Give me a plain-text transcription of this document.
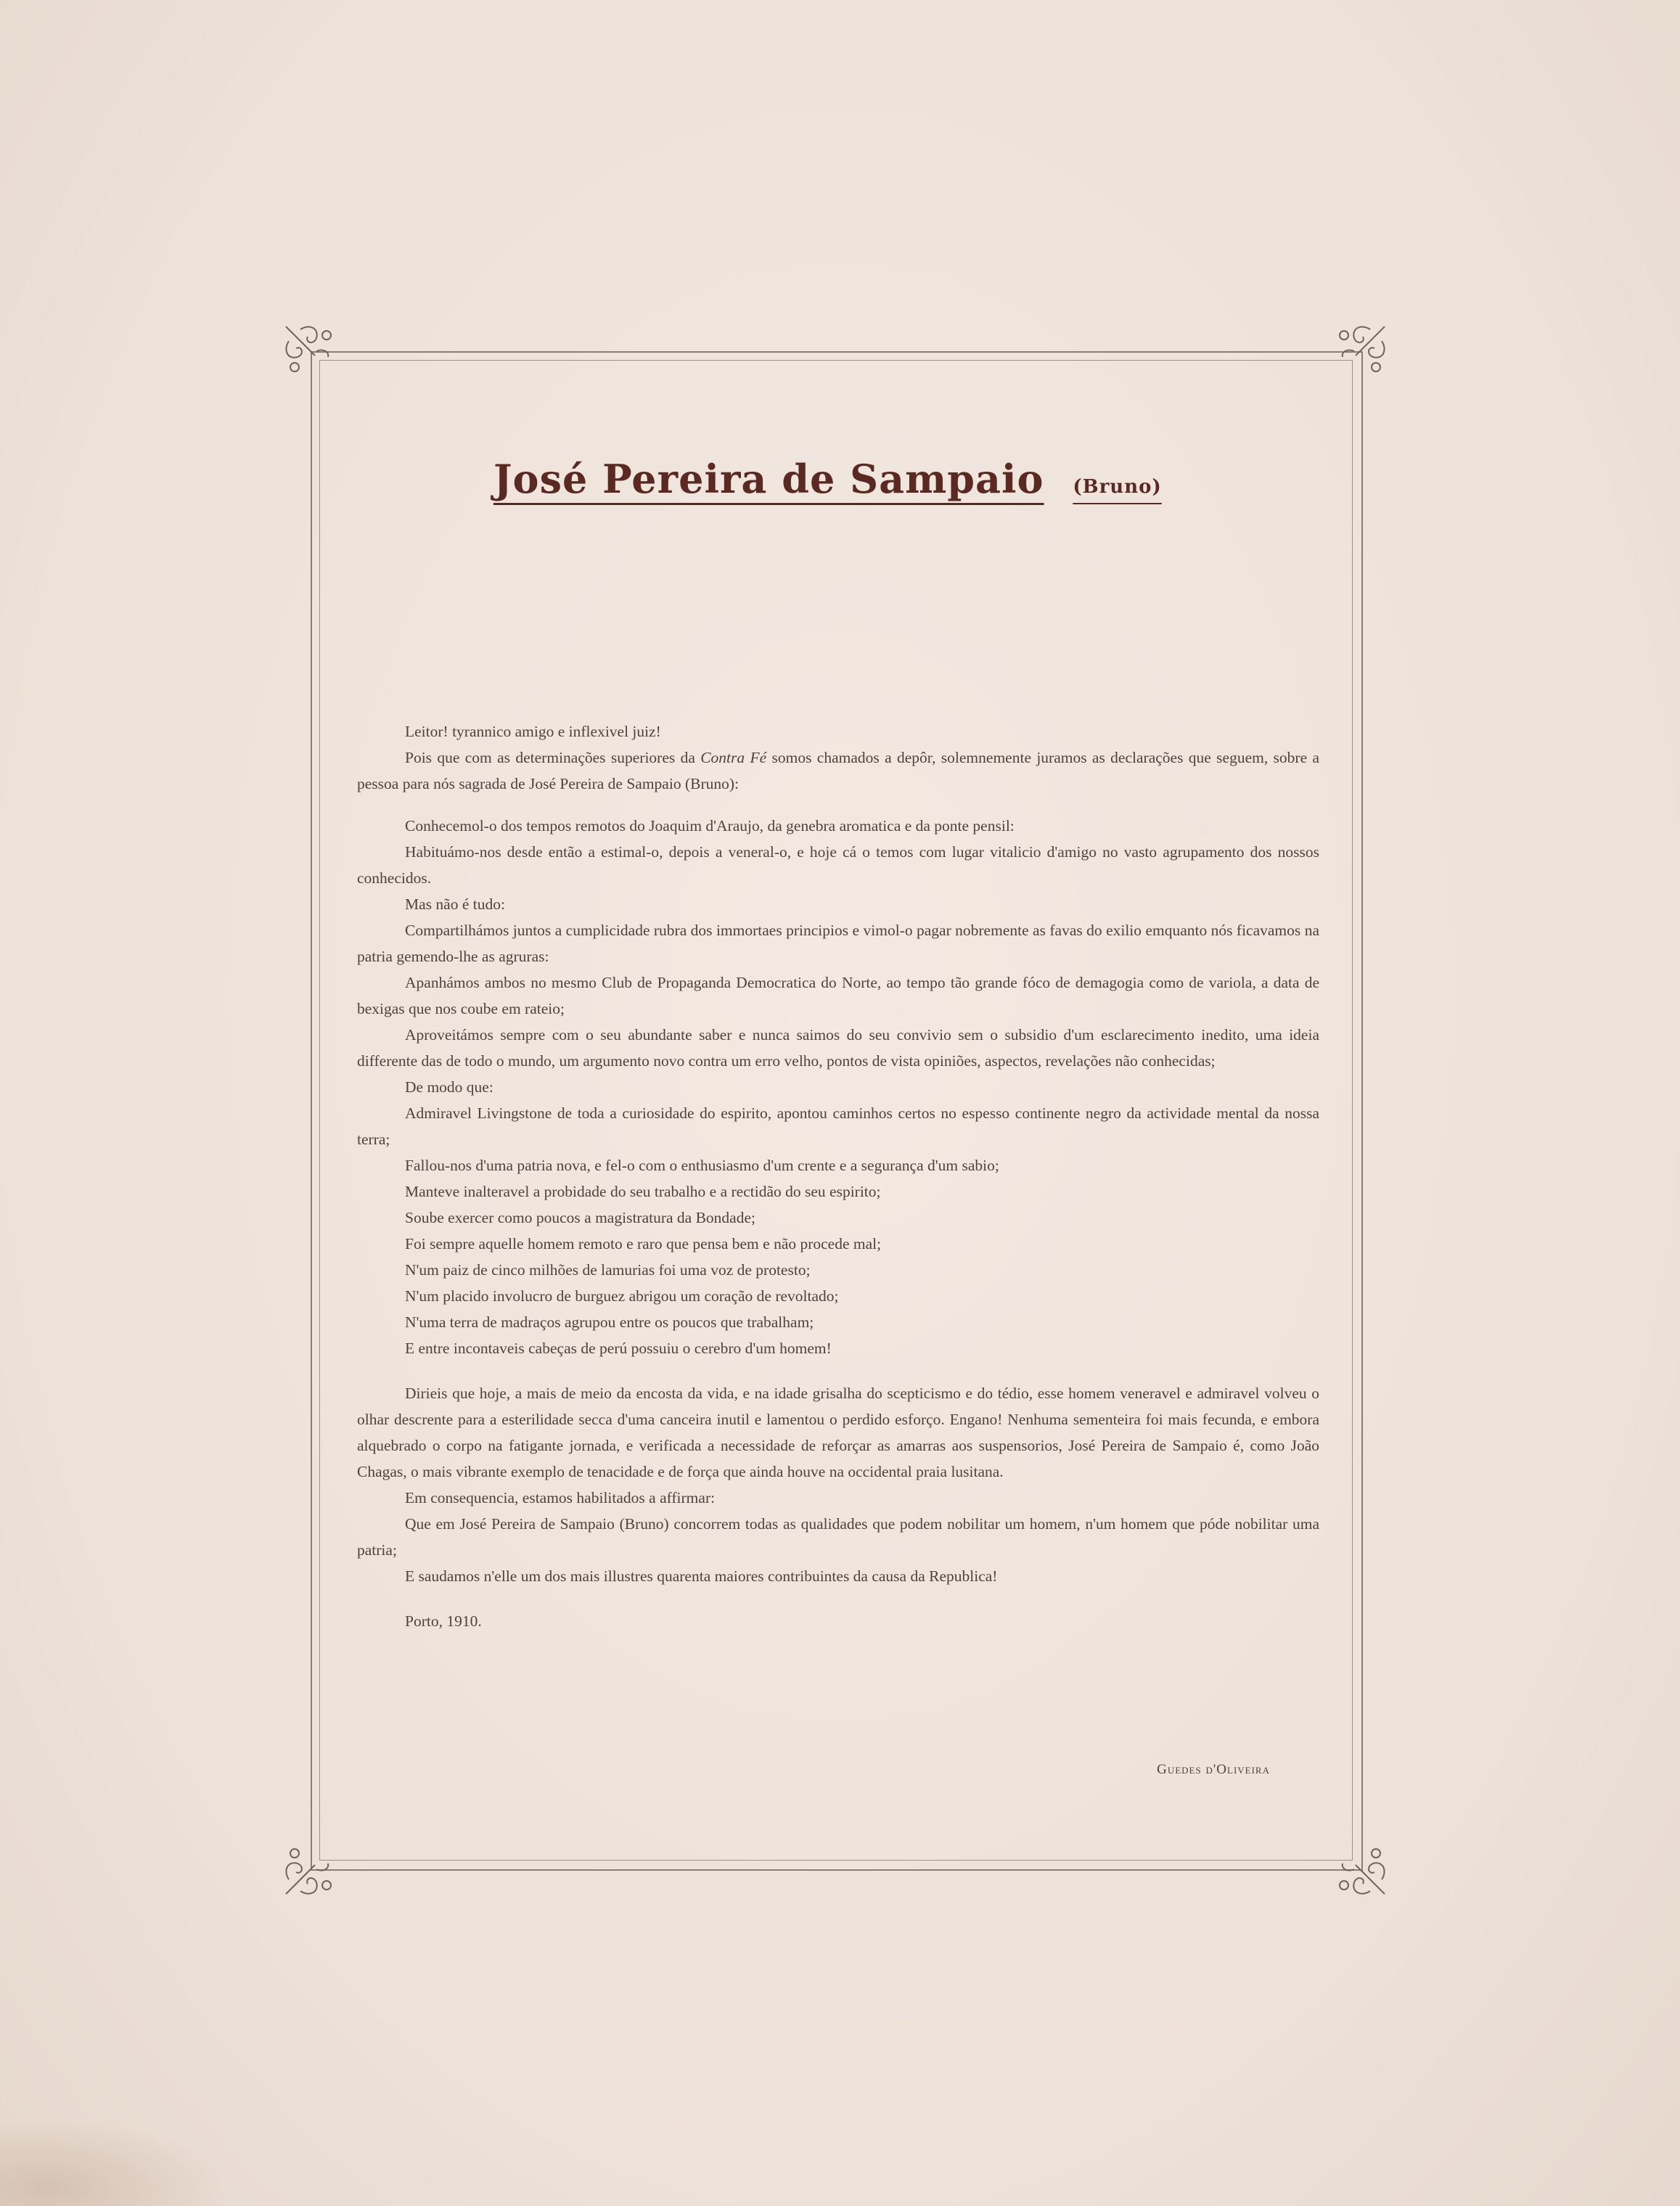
José Pereira de Sampaio (Bruno)

Leitor! tyrannico amigo e inflexivel juiz!

Pois que com as determinações superiores da Contra Fé somos chamados a depôr, solemnemente juramos as declarações que seguem, sobre a pessoa para nós sagrada de José Pereira de Sampaio (Bruno):

Conhecemol-o dos tempos remotos do Joaquim d'Araujo, da genebra aromatica e da ponte pensil:

Habituámo-nos desde então a estimal-o, depois a veneral-o, e hoje cá o temos com lugar vitalicio d'amigo no vasto agrupamento dos nossos conhecidos.

Mas não é tudo:

Compartilhámos juntos a cumplicidade rubra dos immortaes principios e vimol-o pagar nobremente as favas do exilio emquanto nós ficavamos na patria gemendo-lhe as agruras:

Apanhámos ambos no mesmo Club de Propaganda Democratica do Norte, ao tempo tão grande fóco de demagogia como de variola, a data de bexigas que nos coube em rateio;

Aproveitámos sempre com o seu abundante saber e nunca saimos do seu convivio sem o subsidio d'um esclarecimento inedito, uma ideia differente das de todo o mundo, um argumento novo contra um erro velho, pontos de vista opiniões, aspectos, revelações não conhecidas;

De modo que:

Admiravel Livingstone de toda a curiosidade do espirito, apontou caminhos certos no espesso continente negro da actividade mental da nossa terra;

Fallou-nos d'uma patria nova, e fel-o com o enthusiasmo d'um crente e a segurança d'um sabio;

Manteve inalteravel a probidade do seu trabalho e a rectidão do seu espirito;

Soube exercer como poucos a magistratura da Bondade;

Foi sempre aquelle homem remoto e raro que pensa bem e não procede mal;

N'um paiz de cinco milhões de lamurias foi uma voz de protesto;

N'um placido involucro de burguez abrigou um coração de revoltado;

N'uma terra de madraços agrupou entre os poucos que trabalham;

E entre incontaveis cabeças de perú possuiu o cerebro d'um homem!

Dirieis que hoje, a mais de meio da encosta da vida, e na idade grisalha do scepticismo e do tédio, esse homem veneravel e admiravel volveu o olhar descrente para a esterilidade secca d'uma canceira inutil e lamentou o perdido esforço. Engano! Nenhuma sementeira foi mais fecunda, e embora alquebrado o corpo na fatigante jornada, e verificada a necessidade de reforçar as amarras aos suspensorios, José Pereira de Sampaio é, como João Chagas, o mais vibrante exemplo de tenacidade e de força que ainda houve na occidental praia lusitana.

Em consequencia, estamos habilitados a affirmar:

Que em José Pereira de Sampaio (Bruno) concorrem todas as qualidades que podem nobilitar um homem, n'um homem que póde nobilitar uma patria;

E saudamos n'elle um dos mais illustres quarenta maiores contribuintes da causa da Republica!

Porto, 1910.

Guedes d'Oliveira
